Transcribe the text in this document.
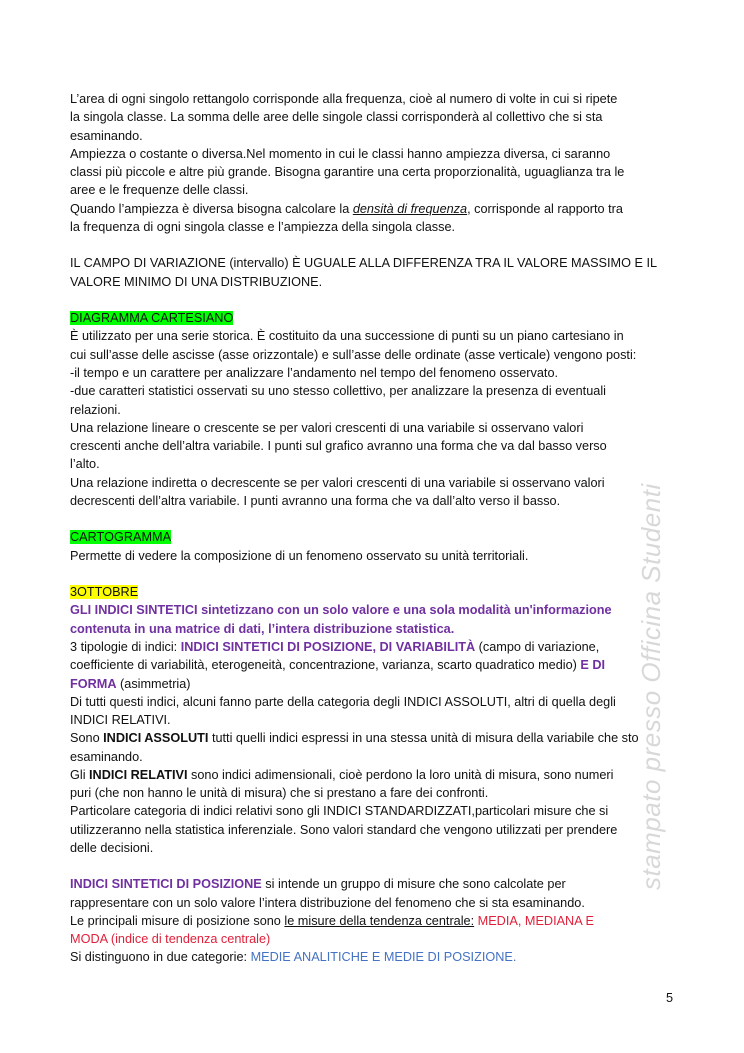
L’area di ogni singolo rettangolo corrisponde alla frequenza, cioè al numero di volte in cui si ripete
la singola classe. La somma delle aree delle singole classi corrisponderà al collettivo che si sta
esaminando.
Ampiezza o costante o diversa.Nel momento in cui le classi hanno ampiezza diversa, ci saranno
classi più piccole e altre più grande. Bisogna garantire una certa proporzionalità, uguaglianza tra le
aree e le frequenze delle classi.
Quando l’ampiezza è diversa bisogna calcolare la densità di frequenza, corrisponde al rapporto tra
la frequenza di ogni singola classe e l’ampiezza della singola classe.
IL CAMPO DI VARIAZIONE (intervallo) È UGUALE ALLA DIFFERENZA TRA IL VALORE MASSIMO E IL
VALORE MINIMO DI UNA DISTRIBUZIONE.
DIAGRAMMA CARTESIANO
È utilizzato per una serie storica. È costituito da una successione di punti su un piano cartesiano in
cui sull’asse delle ascisse (asse orizzontale) e sull’asse delle ordinate (asse verticale) vengono posti:
-il tempo e un carattere per analizzare l’andamento nel tempo del fenomeno osservato.
-due caratteri statistici osservati su uno stesso collettivo, per analizzare la presenza di eventuali
relazioni.
Una relazione lineare o crescente se per valori crescenti di una variabile si osservano valori
crescenti anche dell’altra variabile. I punti sul grafico avranno una forma che va dal basso verso
l’alto.
Una relazione indiretta o decrescente se per valori crescenti di una variabile si osservano valori
decrescenti dell’altra variabile. I punti avranno una forma che va dall’alto verso il basso.
CARTOGRAMMA
Permette di vedere la composizione di un fenomeno osservato su unità territoriali.
3OTTOBRE
GLI INDICI SINTETICI sintetizzano con un solo valore e una sola modalità un'informazione
contenuta in una matrice di dati, l’intera distribuzione statistica.
3 tipologie di indici: INDICI SINTETICI DI POSIZIONE, DI VARIABILITÀ (campo di variazione,
coefficiente di variabilità, eterogeneità, concentrazione, varianza, scarto quadratico medio) E DI
FORMA (asimmetria)
Di tutti questi indici, alcuni fanno parte della categoria degli INDICI ASSOLUTI, altri di quella degli
INDICI RELATIVI.
Sono INDICI ASSOLUTI tutti quelli indici espressi in una stessa unità di misura della variabile che sto
esaminando.
Gli INDICI RELATIVI sono indici adimensionali, cioè perdono la loro unità di misura, sono numeri
puri (che non hanno le unità di misura) che si prestano a fare dei confronti.
Particolare categoria di indici relativi sono gli INDICI STANDARDIZZATI,particolari misure che si
utilizzeranno nella statistica inferenziale. Sono valori standard che vengono utilizzati per prendere
delle decisioni.
INDICI SINTETICI DI POSIZIONE si intende un gruppo di misure che sono calcolate per
rappresentare con un solo valore l’intera distribuzione del fenomeno che si sta esaminando.
Le principali misure di posizione sono le misure della tendenza centrale: MEDIA, MEDIANA E
MODA (indice di tendenza centrale)
Si distinguono in due categorie: MEDIE ANALITICHE E MEDIE DI POSIZIONE.
5
stampato presso Officina Studenti
